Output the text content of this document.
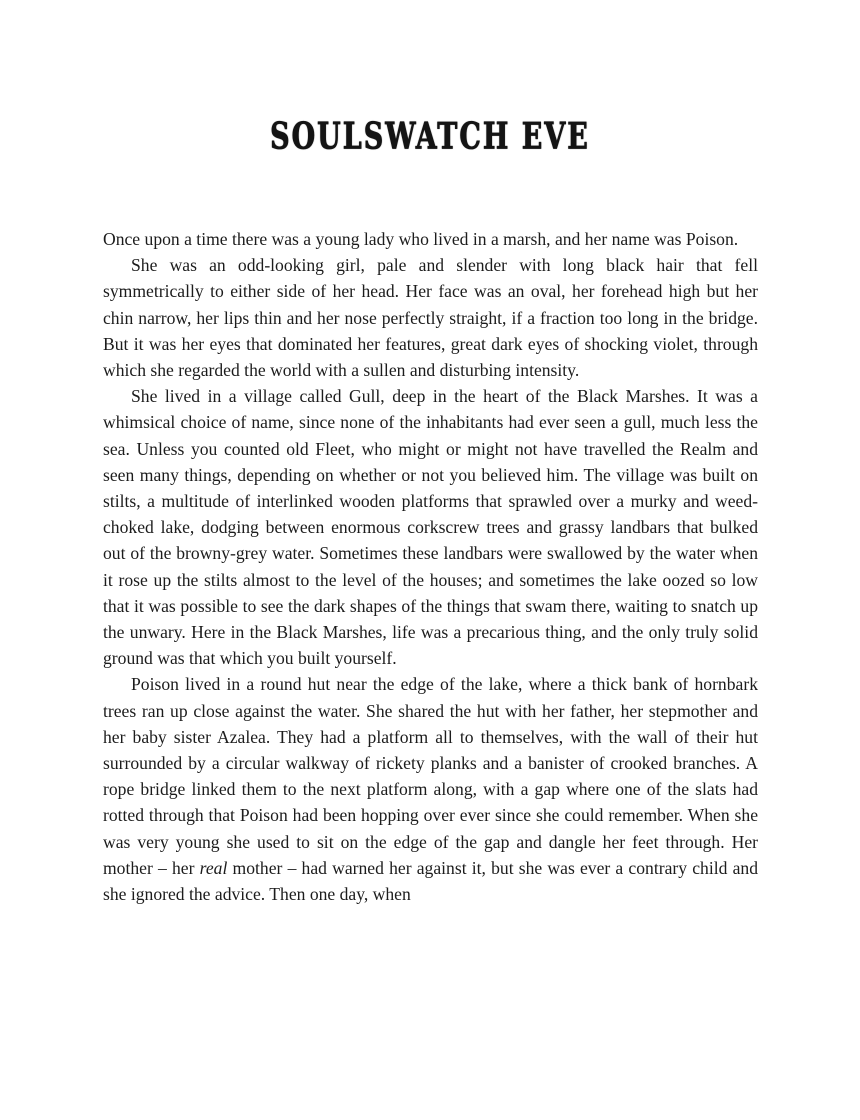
SOULSWATCH EVE

Once upon a time there was a young lady who lived in a marsh, and her name was Poison.

She was an odd-looking girl, pale and slender with long black hair that fell symmetrically to either side of her head. Her face was an oval, her forehead high but her chin narrow, her lips thin and her nose perfectly straight, if a fraction too long in the bridge. But it was her eyes that dominated her features, great dark eyes of shocking violet, through which she regarded the world with a sullen and disturbing intensity.

She lived in a village called Gull, deep in the heart of the Black Marshes. It was a whimsical choice of name, since none of the inhabitants had ever seen a gull, much less the sea. Unless you counted old Fleet, who might or might not have travelled the Realm and seen many things, depending on whether or not you believed him. The village was built on stilts, a multitude of interlinked wooden platforms that sprawled over a murky and weed-choked lake, dodging between enormous corkscrew trees and grassy landbars that bulked out of the browny-grey water. Sometimes these landbars were swallowed by the water when it rose up the stilts almost to the level of the houses; and sometimes the lake oozed so low that it was possible to see the dark shapes of the things that swam there, waiting to snatch up the unwary. Here in the Black Marshes, life was a precarious thing, and the only truly solid ground was that which you built yourself.

Poison lived in a round hut near the edge of the lake, where a thick bank of hornbark trees ran up close against the water. She shared the hut with her father, her stepmother and her baby sister Azalea. They had a platform all to themselves, with the wall of their hut surrounded by a circular walkway of rickety planks and a banister of crooked branches. A rope bridge linked them to the next platform along, with a gap where one of the slats had rotted through that Poison had been hopping over ever since she could remember. When she was very young she used to sit on the edge of the gap and dangle her feet through. Her mother – her real mother – had warned her against it, but she was ever a contrary child and she ignored the advice. Then one day, when
